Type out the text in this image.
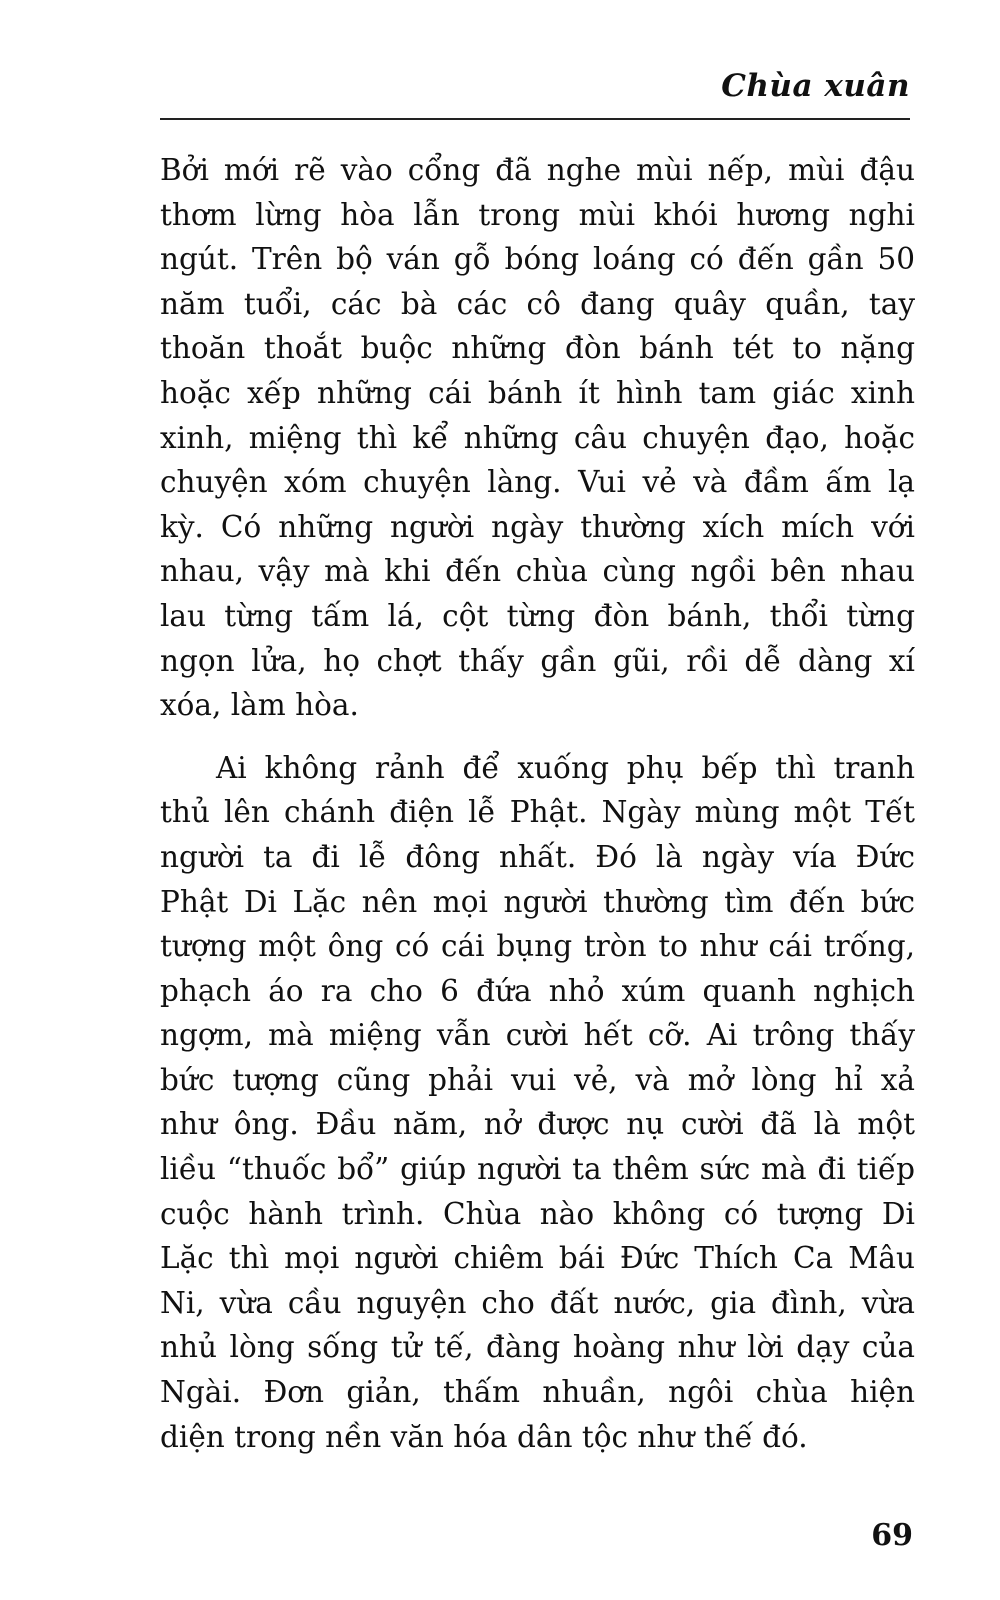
Chùa xuân

Bởi mới rẽ vào cổng đã nghe mùi nếp, mùi đậu
thơm lừng hòa lẫn trong mùi khói hương nghi
ngút. Trên bộ ván gỗ bóng loáng có đến gần 50
năm tuổi, các bà các cô đang quây quần, tay
thoăn thoắt buộc những đòn bánh tét to nặng
hoặc xếp những cái bánh ít hình tam giác xinh
xinh, miệng thì kể những câu chuyện đạo, hoặc
chuyện xóm chuyện làng. Vui vẻ và đầm ấm lạ
kỳ. Có những người ngày thường xích mích với
nhau, vậy mà khi đến chùa cùng ngồi bên nhau
lau từng tấm lá, cột từng đòn bánh, thổi từng
ngọn lửa, họ chợt thấy gần gũi, rồi dễ dàng xí
xóa, làm hòa.

Ai không rảnh để xuống phụ bếp thì tranh
thủ lên chánh điện lễ Phật. Ngày mùng một Tết
người ta đi lễ đông nhất. Đó là ngày vía Đức
Phật Di Lặc nên mọi người thường tìm đến bức
tượng một ông có cái bụng tròn to như cái trống,
phạch áo ra cho 6 đứa nhỏ xúm quanh nghịch
ngợm, mà miệng vẫn cười hết cỡ. Ai trông thấy
bức tượng cũng phải vui vẻ, và mở lòng hỉ xả
như ông. Đầu năm, nở được nụ cười đã là một
liều “thuốc bổ” giúp người ta thêm sức mà đi tiếp
cuộc hành trình. Chùa nào không có tượng Di
Lặc thì mọi người chiêm bái Đức Thích Ca Mâu
Ni, vừa cầu nguyện cho đất nước, gia đình, vừa
nhủ lòng sống tử tế, đàng hoàng như lời dạy của
Ngài. Đơn giản, thấm nhuần, ngôi chùa hiện
diện trong nền văn hóa dân tộc như thế đó.

69
